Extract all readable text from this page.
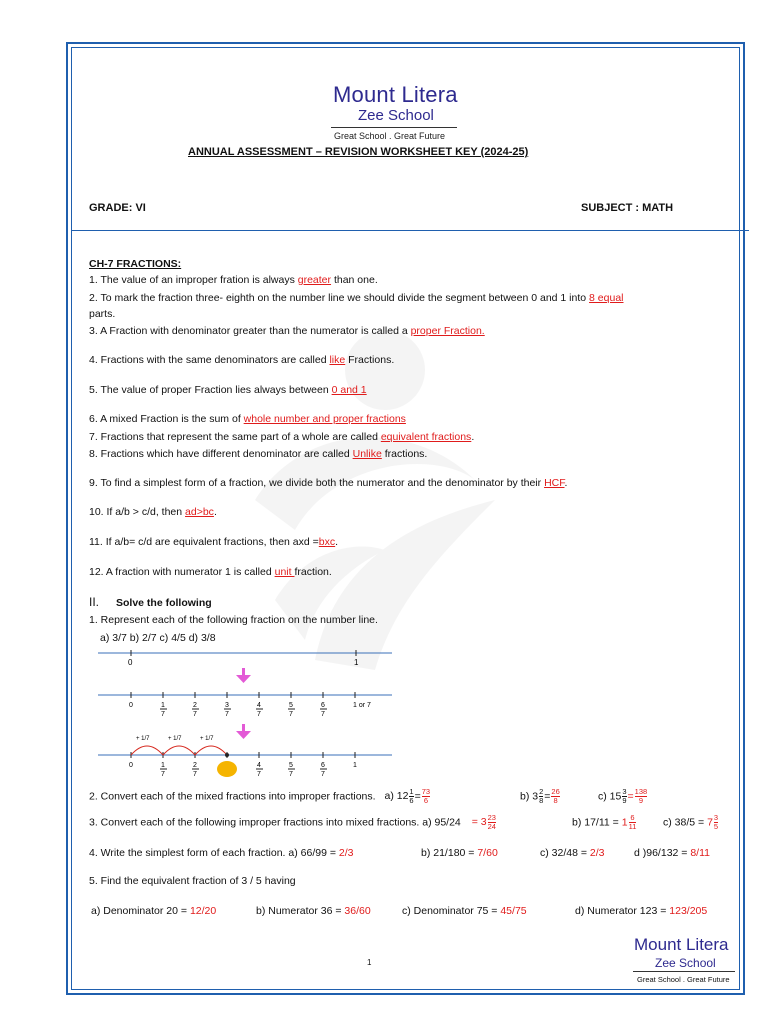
Mount Litera
Zee School
Great School . Great Future
ANNUAL ASSESSMENT – REVISION WORKSHEET KEY (2024-25)
GRADE: VI	SUBJECT : MATH
CH-7 FRACTIONS:
1. The value of an improper fration is always greater than one.
2. To mark the fraction three- eighth on the number line we should divide the segment between 0 and 1 into 8 equal
parts.
3. A Fraction with denominator greater than the numerator is called a proper Fraction.
4. Fractions with the same denominators are called like Fractions.
5. The value of proper Fraction lies always between 0 and 1
6. A mixed Fraction is the sum of whole number and proper fractions
7. Fractions that represent the same part of a whole are called equivalent fractions.
8. Fractions which have different denominator are called Unlike fractions.
9. To find a simplest form of a fraction, we divide both the numerator and the denominator by their HCF.
10. If a/b > c/d, then ad>bc.
11. If a/b= c/d are equivalent fractions, then axd =bxc.
12. A fraction with numerator 1 is called unit fraction.
II. Solve the following
1. Represent each of the following fraction on the number line.
a) 3/7 b) 2/7 c) 4/5 d) 3/8
0	1
0	1
7
2
7
3
7
4
7
5
7
6
7
1 or 7
0	1
7
2
7
4
7
5
7
6
7
1
+ 1/7	+ 1/7	+ 1/7
2. Convert each of the mixed fractions into improper fractions. a) $12 \frac{1}{6} = \frac{73}{6}$	b) $3 \frac{2}{8} = \frac{26}{8}$	c) $15 \frac{3}{9} = \frac{138}{9}$
3. Convert each of the following improper fractions into mixed fractions. a) $95/24 = 3 \frac{23}{24}$	b) $17/11 = 1 \frac{6}{11}$	c) $38/5 = 7 \frac{3}{5}$
4. Write the simplest form of each fraction. a) 66/99 = 2/3	b) 21/180 = 7/60	c) 32/48 = 2/3	d )96/132 = 8/11
5. Find the equivalent fraction of 3 / 5 having
a) Denominator 20 = 12/20	b) Numerator 36 = 36/60	c) Denominator 75 = 45/75	d) Numerator 123 = 123/205
1
Mount Litera
Zee School
Great School . Great Future
